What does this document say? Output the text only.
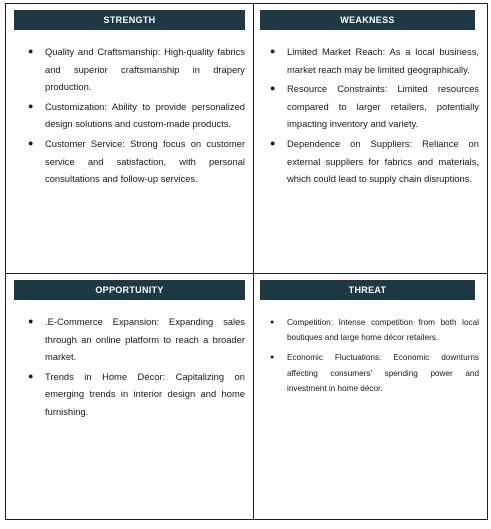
STRENGTH
● Quality and Craftsmanship: High-quality fabrics and superior craftsmanship in drapery production.
● Customization: Ability to provide personalized design solutions and custom-made products.
● Customer Service: Strong focus on customer service and satisfaction, with personal consultations and follow-up services.
WEAKNESS
● Limited Market Reach: As a local business, market reach may be limited geographically.
● Resource Constraints: Limited resources compared to larger retailers, potentially impacting inventory and variety.
● Dependence on Suppliers: Reliance on external suppliers for fabrics and materials, which could lead to supply chain disruptions.
OPPORTUNITY
● .E-Commerce Expansion: Expanding sales through an online platform to reach a broader market.
● Trends in Home Décor: Capitalizing on emerging trends in interior design and home furnishing.
THREAT
● Competition: Intense competition from both local boutiques and large home décor retailers.
● Economic Fluctuations: Economic downturns affecting consumers' spending power and investment in home décor.
